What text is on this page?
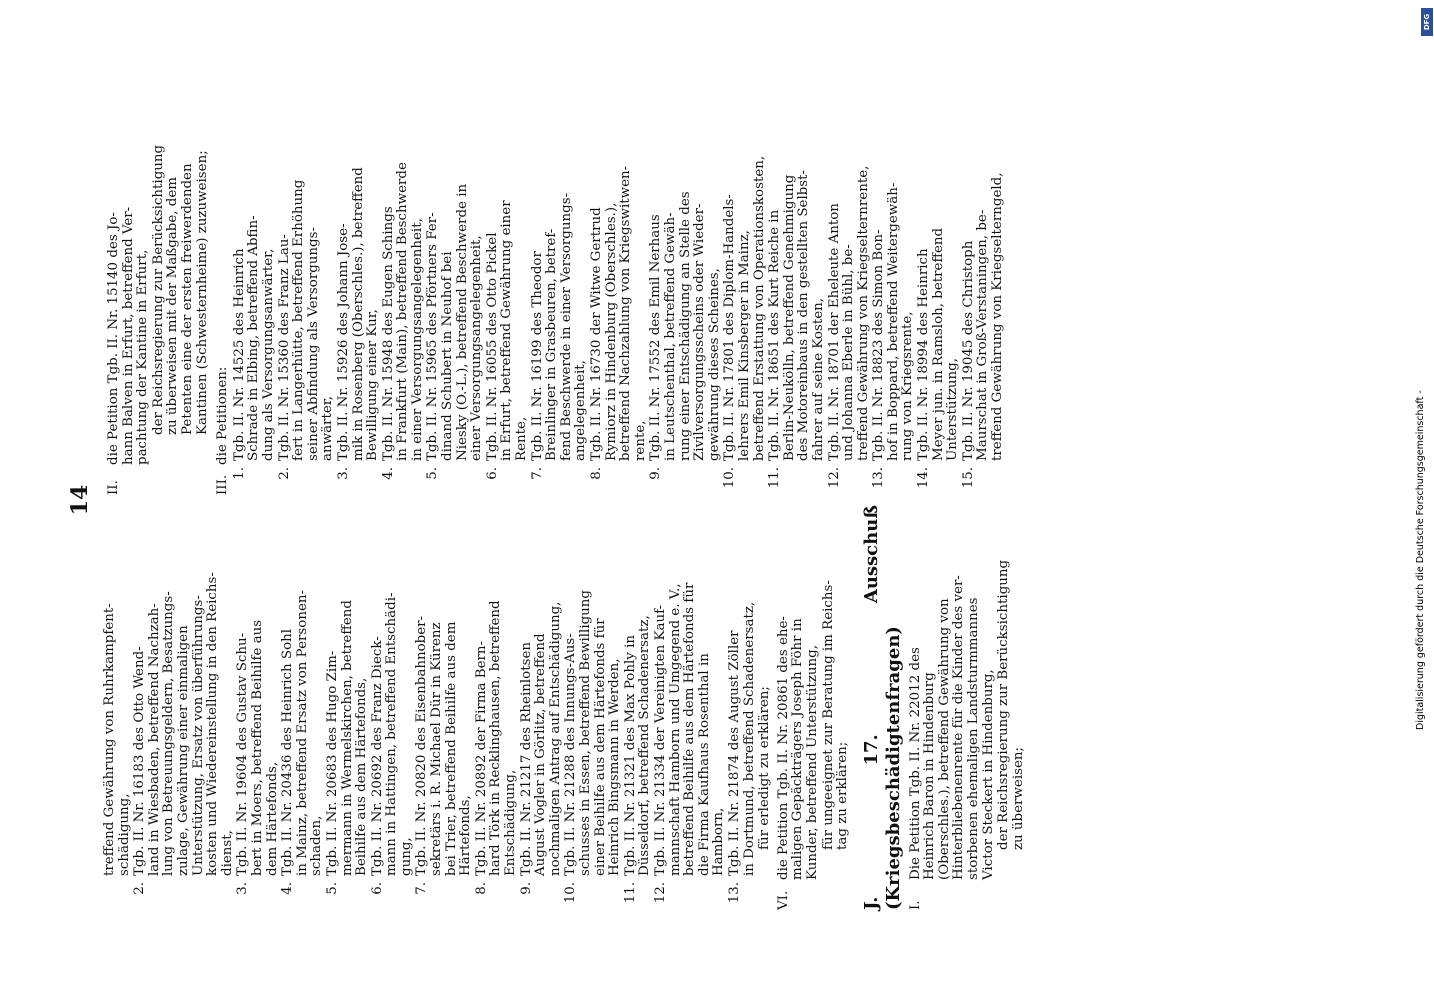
14
treffend Gewährung von Ruhrkampfent-
schädigung,
2.
Tgb. II. Nr. 16183 des Otto Wend-
land in Wiesbaden, betreffend Nachzah-
lung von Betreuungsgeldern, Besatzungs-
zulage, Gewährung einer einmaligen
Unterstützung, Ersatz von überführungs-
kosten und Wiedereinstellung in den Reichs-
dienst,
3.
Tgb. II. Nr. 19604 des Gustav Schu-
bert in Moers, betreffend Beihilfe aus
dem Härtefonds,
4.
Tgb. II. Nr. 20436 des Heinrich Sohl
in Mainz, betreffend Ersatz von Personen-
schaden,
5.
Tgb. II. Nr. 20683 des Hugo Zim-
mermann in Wermelskirchen, betreffend
Beihilfe aus dem Härtefonds,
6.
Tgb. II. Nr. 20692 des Franz Dieck-
mann in Hattingen, betreffend Entschädi-
gung,
7.
Tgb. II. Nr. 20820 des Eisenbahnober-
sekretärs i. R. Michael Dür in Kürenz
bei Trier, betreffend Beihilfe aus dem
Härtefonds,
8.
Tgb. II. Nr. 20892 der Firma Bern-
hard Törk in Recklinghausen, betreffend
Entschädigung,
9.
Tgb. II. Nr. 21217 des Rheinlotsen
August Vogler in Görlitz, betreffend
nochmaligen Antrag auf Entschädigung,
10.
Tgb. II. Nr. 21288 des Innungs-Aus-
schusses in Essen, betreffend Bewilligung
einer Beihilfe aus dem Härtefonds für
Heinrich Bingsmann in Werden,
11.
Tgb. II. Nr. 21321 des Max Pohly in
Düsseldorf, betreffend Schadenersatz,
12.
Tgb. II. Nr. 21334 der Vereinigten Kauf-
mannschaft Hamborn und Umgegend e. V.,
betreffend Beihilfe aus dem Härtefonds für
die Firma Kaufhaus Rosenthal in
Hamborn,
13.
Tgb. II. Nr. 21874 des August Zöller
in Dortmund, betreffend Schadenersatz,
für erledigt zu erklären;
VI.
die Petition Tgb. II. Nr. 20861 des ehe-
maligen Gepäckträgers Joseph Föhr in
Kunder, betreffend Unterstützung,
für ungeeignet zur Beratung im Reichs-
tag zu erklären; J. 17. Ausschuß (Kriegsbeschädigtenfragen) I.
Die Petition Tgb. II. Nr. 22012 des
Heinrich Baron in Hindenburg
(Oberschles.), betreffend Gewährung von
Hinterbliebenenrente für die Kinder des ver-
storbenen ehemaligen Landsturmmannes
Victor Steckert in Hindenburg,
der Reichsregierung zur Berücksichtigung
zu überweisen;
II.
die Petition Tgb. II. Nr. 15140 des Jo-
hann Balven in Erfurt, betreffend Ver-
pachtung der Kantine in Erfurt,
der Reichsregierung zur Berücksichtigung
zu überweisen mit der Maßgabe, dem
Petenten eine der ersten freiwerdenden
Kantinen (Schwesternheime) zuzuweisen;
III.
die Petitionen:
1.
Tgb. II. Nr. 14525 des Heinrich
Schrade in Elbing, betreffend Abfin-
dung als Versorgungsanwärter,
2.
Tgb. II. Nr. 15360 des Franz Lau-
fert in Langerhütte, betreffend Erhöhung
seiner Abfindung als Versorgungs-
anwärter,
3.
Tgb. II. Nr. 15926 des Johann Jose-
mik in Rosenberg (Oberschles.), betreffend
Bewilligung einer Kur,
4.
Tgb. II. Nr. 15948 des Eugen Schings
in Frankfurt (Main), betreffend Beschwerde
in einer Versorgungsangelegenheit,
5.
Tgb. II. Nr. 15965 des Pförtners Fer-
dinand Schubert in Neuhof bei
Niesky (O.-L.), betreffend Beschwerde in
einer Versorgungsangelegenheit,
6.
Tgb. II. Nr. 16055 des Otto Pickel
in Erfurt, betreffend Gewährung einer
Rente,
7.
Tgb. II. Nr. 16199 des Theodor
Breinlinger in Grasbeuren, betref-
fend Beschwerde in einer Versorgungs-
angelegenheit,
8.
Tgb. II. Nr. 16730 der Witwe Gertrud
Rymiorz in Hindenburg (Oberschles.),
betreffend Nachzahlung von Kriegswitwen-
rente,
9.
Tgb. II. Nr. 17552 des Emil Nerhaus
in Leutschenthal, betreffend Gewäh-
rung einer Entschädigung an Stelle des
Zivilversorgungsscheins oder Wieder-
gewährung dieses Scheines,
10.
Tgb. II. Nr. 17801 des Diplom-Handels-
lehrers Emil Kinsberger in Mainz,
betreffend Erstattung von Operationskosten,
11.
Tgb. II. Nr. 18651 des Kurt Reiche in
Berlin-Neukölln, betreffend Genehmigung
des Motoreinbaus in den gestellten Selbst-
fahrer auf seine Kosten,
12.
Tgb. II. Nr. 18701 der Eheleute Anton
und Johanna Eberle in Bühl, be-
treffend Gewährung von Kriegselternrente,
13.
Tgb. II. Nr. 18823 des Simon Bon-
hof in Boppard, betreffend Weitergewäh-
rung von Kriegsrente,
14.
Tgb. II. Nr. 18994 des Heinrich
Meyer jun. in Ramsloh, betreffend
Unterstützung,
15.
Tgb. II. Nr. 19045 des Christoph
Maurschat in Groß-Verstaningen, be-
treffend Gewährung von Kriegselterngeld,
Digitalisierung gefördert durch die Deutsche Forschungsgemeinschaft -
DFG
